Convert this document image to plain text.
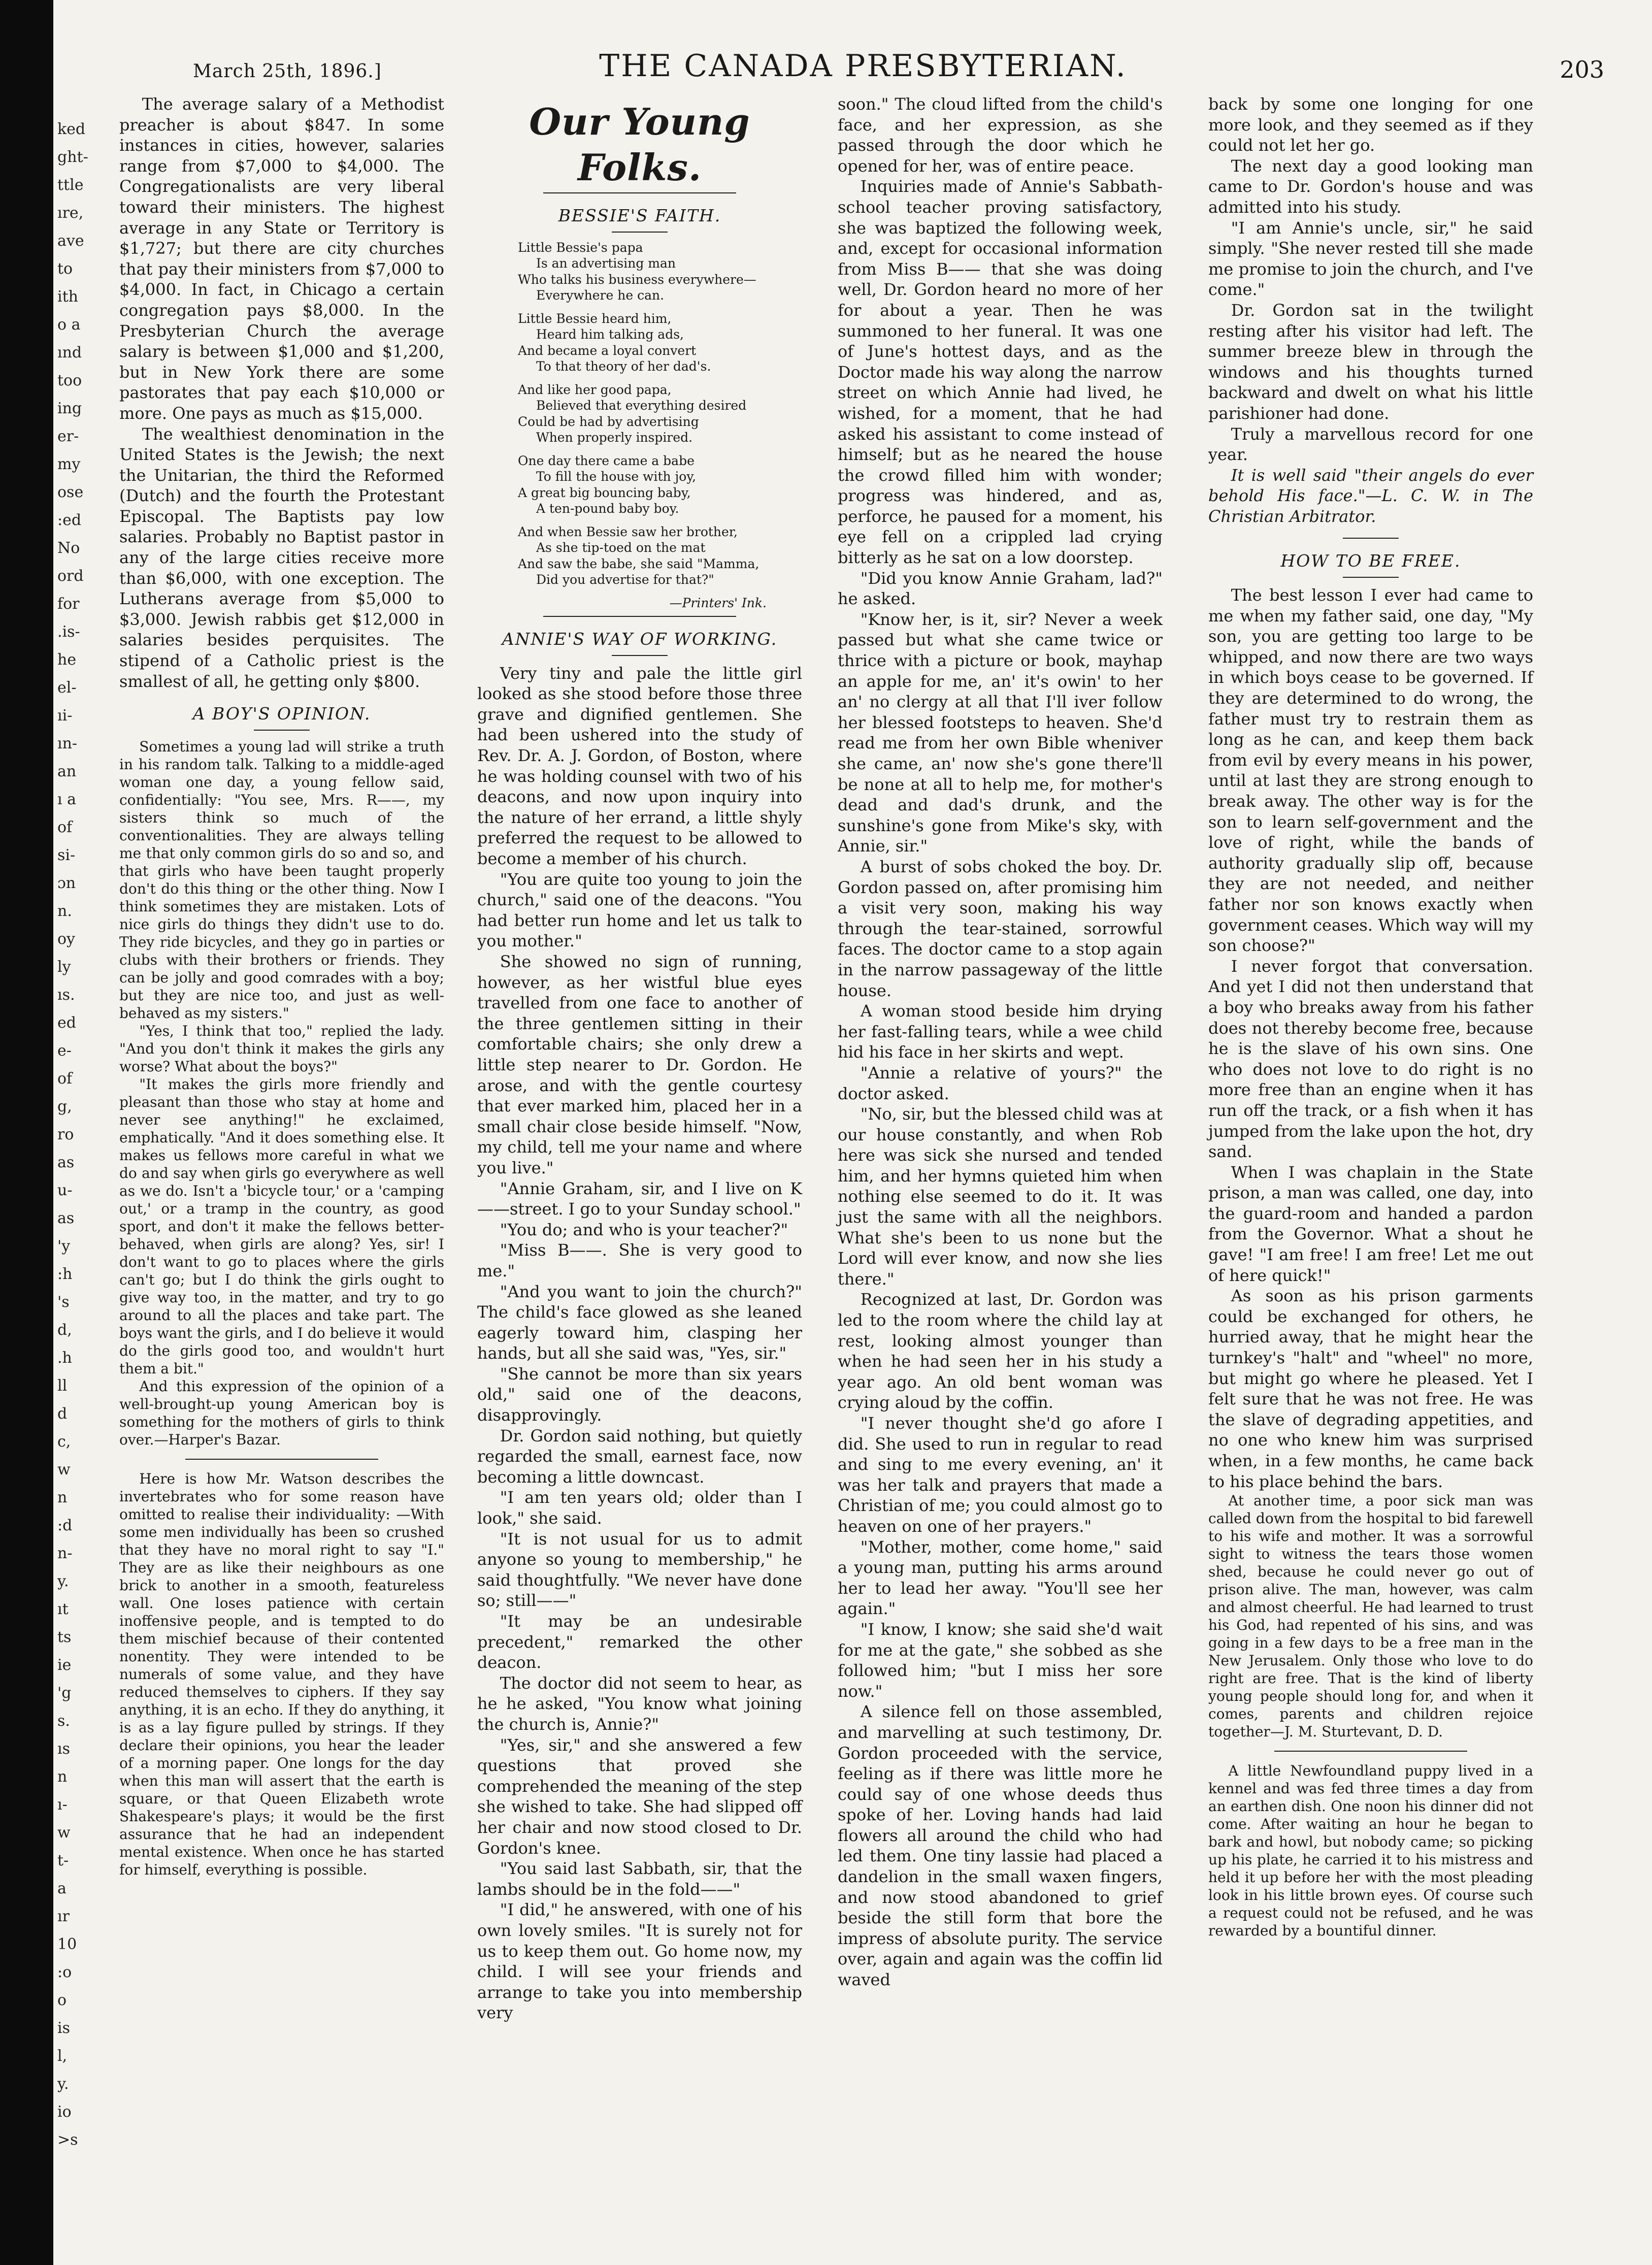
ked
ght-
ttle
ıre,
ave
to
ith
o a
ınd
too
ing
er-
my
ose
:ed
No
ord
for
.is-
he
el-
ıi-
ın-
an
ı a
of
si-
ɔn
n.
oy
ly
ıs.
ed
e-
of
g,
ro
as
u-
as
'y
:h
's
d,
.h
ll
d
c,
w
n
:d
n-
y.
ıt
ts
ie
'g
s.
ıs
n
ı-
w
t-
a
ır
10
:o
o
is
l,
y.
io
>s
March 25th, 1896.]	THE CANADA PRESBYTERIAN.	203

The average salary of a Methodist preacher is about $847. In some instances in cities, however, salaries range from $7,000 to $4,000. The Congregationalists are very liberal toward their ministers. The highest average in any State or Territory is $1,727; but there are city churches that pay their ministers from $7,000 to $4,000. In fact, in Chicago a certain congregation pays $8,000. In the Presbyterian Church the average salary is between $1,000 and $1,200, but in New York there are some pastorates that pay each $10,000 or more. One pays as much as $15,000.

The wealthiest denomination in the United States is the Jewish; the next the Unitarian, the third the Reformed (Dutch) and the fourth the Protestant Episcopal. The Baptists pay low salaries. Probably no Baptist pastor in any of the large cities receive more than $6,000, with one exception. The Lutherans average from $5,000 to $3,000. Jewish rabbis get $12,000 in salaries besides perquisites. The stipend of a Catholic priest is the smallest of all, he getting only $800.

A BOY'S OPINION.

Sometimes a young lad will strike a truth in his random talk. Talking to a middle-aged woman one day, a young fellow said, confidentially: "You see, Mrs. R——, my sisters think so much of the conventionalities. They are always telling me that only common girls do so and so, and that girls who have been taught properly don't do this thing or the other thing. Now I think sometimes they are mistaken. Lots of nice girls do things they didn't use to do. They ride bicycles, and they go in parties or clubs with their brothers or friends. They can be jolly and good comrades with a boy; but they are nice too, and just as well-behaved as my sisters."

"Yes, I think that too," replied the lady. "And you don't think it makes the girls any worse? What about the boys?"

"It makes the girls more friendly and pleasant than those who stay at home and never see anything!" he exclaimed, emphatically. "And it does something else. It makes us fellows more careful in what we do and say when girls go everywhere as well as we do. Isn't a 'bicycle tour,' or a 'camping out,' or a tramp in the country, as good sport, and don't it make the fellows better-behaved, when girls are along? Yes, sir! I don't want to go to places where the girls can't go; but I do think the girls ought to give way too, in the matter, and try to go around to all the places and take part. The boys want the girls, and I do believe it would do the girls good too, and wouldn't hurt them a bit."

And this expression of the opinion of a well-brought-up young American boy is something for the mothers of girls to think over.—Harper's Bazar.

Here is how Mr. Watson describes the invertebrates who for some reason have omitted to realise their individuality: —With some men individually has been so crushed that they have no moral right to say "I." They are as like their neighbours as one brick to another in a smooth, featureless wall. One loses patience with certain inoffensive people, and is tempted to do them mischief because of their contented nonentity. They were intended to be numerals of some value, and they have reduced themselves to ciphers. If they say anything, it is an echo. If they do anything, it is as a lay figure pulled by strings. If they declare their opinions, you hear the leader of a morning paper. One longs for the day when this man will assert that the earth is square, or that Queen Elizabeth wrote Shakespeare's plays; it would be the first assurance that he had an independent mental existence. When once he has started for himself, everything is possible.

Our Young Folks.
BESSIE'S FAITH.
Little Bessie's papa
Is an advertising man
Who talks his business everywhere—
Everywhere he can.
Little Bessie heard him,
Heard him talking ads,
And became a loyal convert
To that theory of her dad's.
And like her good papa,
Believed that everything desired
Could be had by advertising
When properly inspired.
One day there came a babe
To fill the house with joy,
A great big bouncing baby,
A ten-pound baby boy.
And when Bessie saw her brother,
As she tip-toed on the mat
And saw the babe, she said "Mamma,
Did you advertise for that?"
—Printers' Ink.
ANNIE'S WAY OF WORKING.

Very tiny and pale the little girl looked as she stood before those three grave and dignified gentlemen. She had been ushered into the study of Rev. Dr. A. J. Gordon, of Boston, where he was holding counsel with two of his deacons, and now upon inquiry into the nature of her errand, a little shyly preferred the request to be allowed to become a member of his church.

"You are quite too young to join the church," said one of the deacons. "You had better run home and let us talk to you mother."

She showed no sign of running, however, as her wistful blue eyes travelled from one face to another of the three gentlemen sitting in their comfortable chairs; she only drew a little step nearer to Dr. Gordon. He arose, and with the gentle courtesy that ever marked him, placed her in a small chair close beside himself. "Now, my child, tell me your name and where you live."

"Annie Graham, sir, and I live on K——street. I go to your Sunday school."

"You do; and who is your teacher?"

"Miss B——. She is very good to me."

"And you want to join the church?" The child's face glowed as she leaned eagerly toward him, clasping her hands, but all she said was, "Yes, sir."

"She cannot be more than six years old," said one of the deacons, disapprovingly.

Dr. Gordon said nothing, but quietly regarded the small, earnest face, now becoming a little downcast.

"I am ten years old; older than I look," she said.

"It is not usual for us to admit anyone so young to membership," he said thoughtfully. "We never have done so; still——"

"It may be an undesirable precedent," remarked the other deacon.

The doctor did not seem to hear, as he he asked, "You know what joining the church is, Annie?"

"Yes, sir," and she answered a few questions that proved she comprehended the meaning of the step she wished to take. She had slipped off her chair and now stood closed to Dr. Gordon's knee.

"You said last Sabbath, sir, that the lambs should be in the fold——"

"I did," he answered, with one of his own lovely smiles. "It is surely not for us to keep them out. Go home now, my child. I will see your friends and arrange to take you into membership very

soon." The cloud lifted from the child's face, and her expression, as she passed through the door which he opened for her, was of entire peace.

Inquiries made of Annie's Sabbath-school teacher proving satisfactory, she was baptized the following week, and, except for occasional information from Miss B—— that she was doing well, Dr. Gordon heard no more of her for about a year. Then he was summoned to her funeral. It was one of June's hottest days, and as the Doctor made his way along the narrow street on which Annie had lived, he wished, for a moment, that he had asked his assistant to come instead of himself; but as he neared the house the crowd filled him with wonder; progress was hindered, and as, perforce, he paused for a moment, his eye fell on a crippled lad crying bitterly as he sat on a low doorstep.

"Did you know Annie Graham, lad?" he asked.

"Know her, is it, sir? Never a week passed but what she came twice or thrice with a picture or book, mayhap an apple for me, an' it's owin' to her an' no clergy at all that I'll iver follow her blessed footsteps to heaven. She'd read me from her own Bible wheniver she came, an' now she's gone there'll be none at all to help me, for mother's dead and dad's drunk, and the sunshine's gone from Mike's sky, with Annie, sir."

A burst of sobs choked the boy. Dr. Gordon passed on, after promising him a visit very soon, making his way through the tear-stained, sorrowful faces. The doctor came to a stop again in the narrow passageway of the little house.

A woman stood beside him drying her fast-falling tears, while a wee child hid his face in her skirts and wept.

"Annie a relative of yours?" the doctor asked.

"No, sir, but the blessed child was at our house constantly, and when Rob here was sick she nursed and tended him, and her hymns quieted him when nothing else seemed to do it. It was just the same with all the neighbors. What she's been to us none but the Lord will ever know, and now she lies there."

Recognized at last, Dr. Gordon was led to the room where the child lay at rest, looking almost younger than when he had seen her in his study a year ago. An old bent woman was crying aloud by the coffin.

"I never thought she'd go afore I did. She used to run in regular to read and sing to me every evening, an' it was her talk and prayers that made a Christian of me; you could almost go to heaven on one of her prayers."

"Mother, mother, come home," said a young man, putting his arms around her to lead her away. "You'll see her again."

"I know, I know; she said she'd wait for me at the gate," she sobbed as she followed him; "but I miss her sore now."

A silence fell on those assembled, and marvelling at such testimony, Dr. Gordon proceeded with the service, feeling as if there was little more he could say of one whose deeds thus spoke of her. Loving hands had laid flowers all around the child who had led them. One tiny lassie had placed a dandelion in the small waxen fingers, and now stood abandoned to grief beside the still form that bore the impress of absolute purity. The service over, again and again was the coffin lid waved

back by some one longing for one more look, and they seemed as if they could not let her go.

The next day a good looking man came to Dr. Gordon's house and was admitted into his study.

"I am Annie's uncle, sir," he said simply. "She never rested till she made me promise to join the church, and I've come."

Dr. Gordon sat in the twilight resting after his visitor had left. The summer breeze blew in through the windows and his thoughts turned backward and dwelt on what his little parishioner had done.

Truly a marvellous record for one year.

It is well said "their angels do ever behold His face."—L. C. W. in The Christian Arbitrator.

HOW TO BE FREE.

The best lesson I ever had came to me when my father said, one day, "My son, you are getting too large to be whipped, and now there are two ways in which boys cease to be governed. If they are determined to do wrong, the father must try to restrain them as long as he can, and keep them back from evil by every means in his power, until at last they are strong enough to break away. The other way is for the son to learn self-government and the love of right, while the bands of authority gradually slip off, because they are not needed, and neither father nor son knows exactly when government ceases. Which way will my son choose?"

I never forgot that conversation. And yet I did not then understand that a boy who breaks away from his father does not thereby become free, because he is the slave of his own sins. One who does not love to do right is no more free than an engine when it has run off the track, or a fish when it has jumped from the lake upon the hot, dry sand.

When I was chaplain in the State prison, a man was called, one day, into the guard-room and handed a pardon from the Governor. What a shout he gave! "I am free! I am free! Let me out of here quick!"

As soon as his prison garments could be exchanged for others, he hurried away, that he might hear the turnkey's "halt" and "wheel" no more, but might go where he pleased. Yet I felt sure that he was not free. He was the slave of degrading appetities, and no one who knew him was surprised when, in a few months, he came back to his place behind the bars.

At another time, a poor sick man was called down from the hospital to bid farewell to his wife and mother. It was a sorrowful sight to witness the tears those women shed, because he could never go out of prison alive. The man, however, was calm and almost cheerful. He had learned to trust his God, had repented of his sins, and was going in a few days to be a free man in the New Jerusalem. Only those who love to do right are free. That is the kind of liberty young people should long for, and when it comes, parents and children rejoice together—J. M. Sturtevant, D. D.

A little Newfoundland puppy lived in a kennel and was fed three times a day from an earthen dish. One noon his dinner did not come. After waiting an hour he began to bark and howl, but nobody came; so picking up his plate, he carried it to his mistress and held it up before her with the most pleading look in his little brown eyes. Of course such a request could not be refused, and he was rewarded by a bountiful dinner.
